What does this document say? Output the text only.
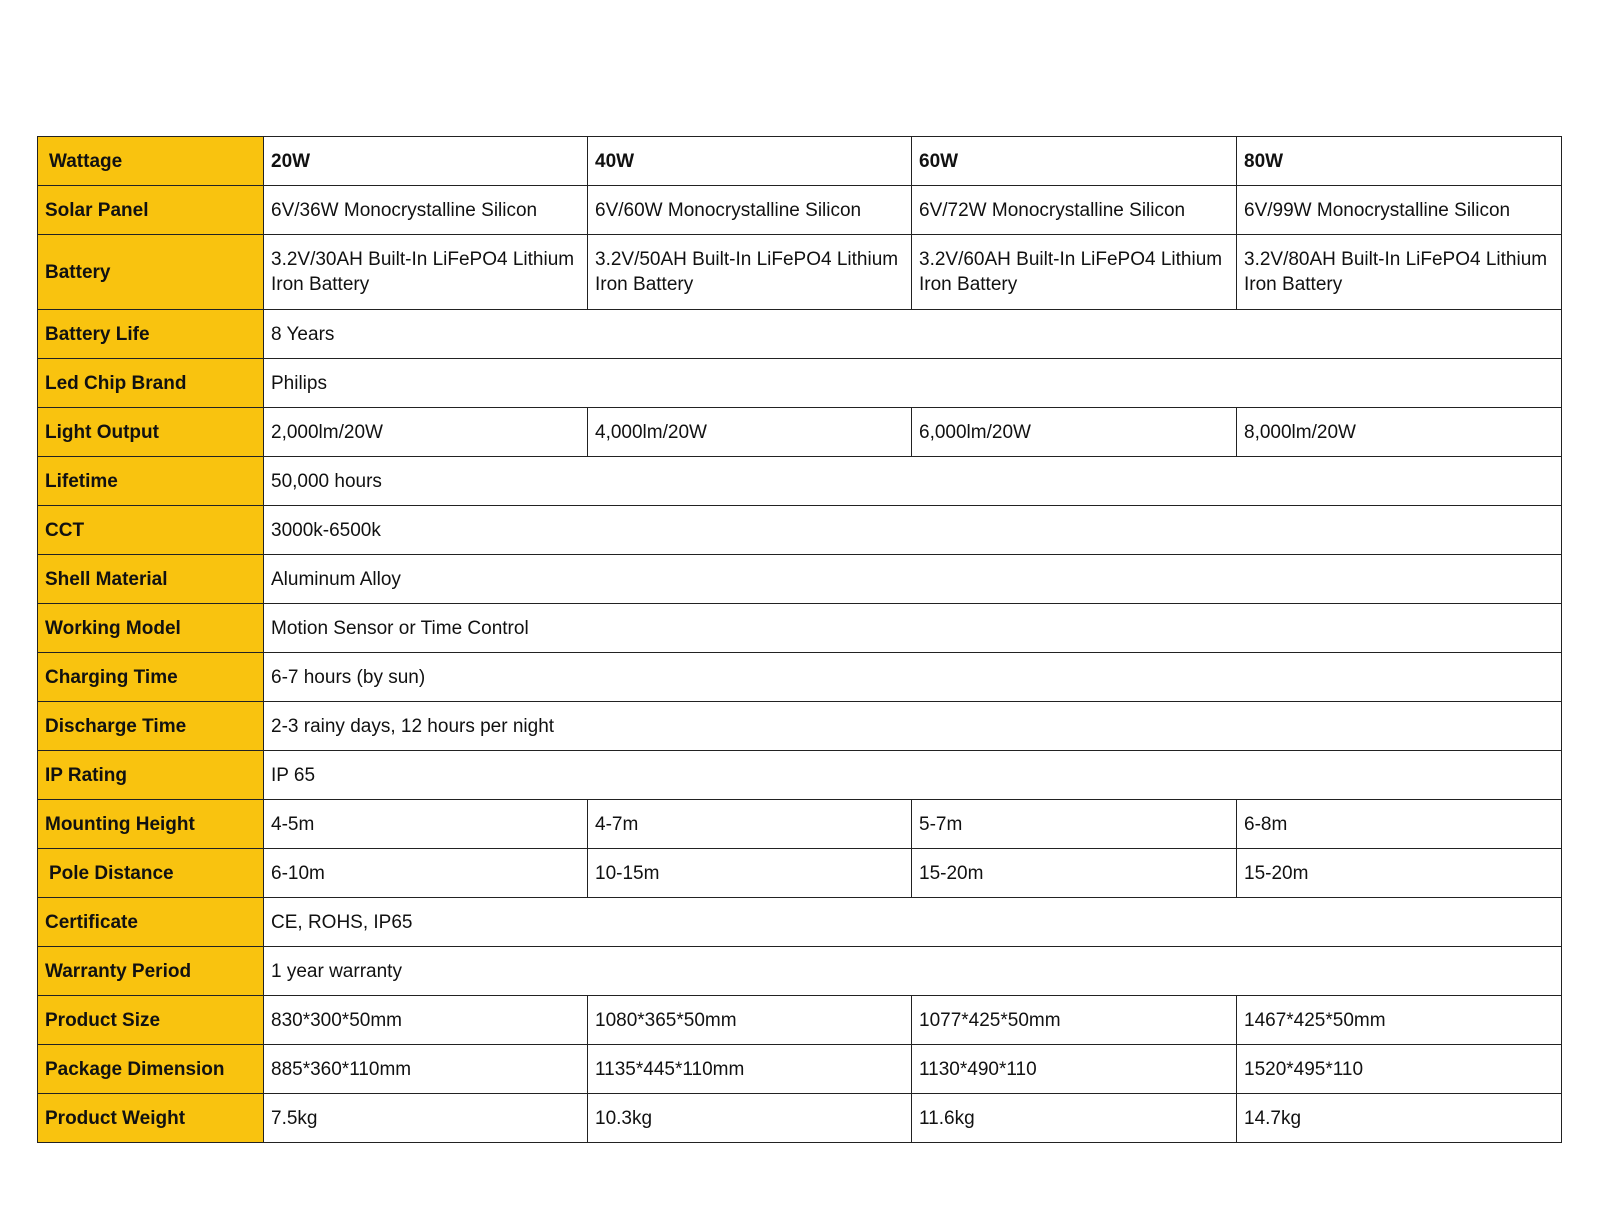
Wattage	20W	40W	60W	80W
Solar Panel	6V/36W Monocrystalline Silicon	6V/60W Monocrystalline Silicon	6V/72W Monocrystalline Silicon	6V/99W Monocrystalline Silicon
Battery	3.2V/30AH Built-In LiFePO4 Lithium Iron Battery	3.2V/50AH Built-In LiFePO4 Lithium Iron Battery	3.2V/60AH Built-In LiFePO4 Lithium Iron Battery	3.2V/80AH Built-In LiFePO4 Lithium Iron Battery
Battery Life	8 Years			
Led Chip Brand	Philips			
Light Output	2,000lm/20W	4,000lm/20W	6,000lm/20W	8,000lm/20W
Lifetime	50,000 hours			
CCT	3000k-6500k			
Shell Material	Aluminum Alloy			
Working Model	Motion Sensor or Time Control			
Charging Time	6-7 hours (by sun)			
Discharge Time	2-3 rainy days, 12 hours per night			
IP Rating	IP 65			
Mounting Height	4-5m	4-7m	5-7m	6-8m
Pole Distance	6-10m	10-15m	15-20m	15-20m
Certificate	CE, ROHS, IP65			
Warranty Period	1 year warranty			
Product Size	830*300*50mm	1080*365*50mm	1077*425*50mm	1467*425*50mm
Package Dimension	885*360*110mm	1135*445*110mm	1130*490*110	1520*495*110
Product Weight	7.5kg	10.3kg	11.6kg	14.7kg
